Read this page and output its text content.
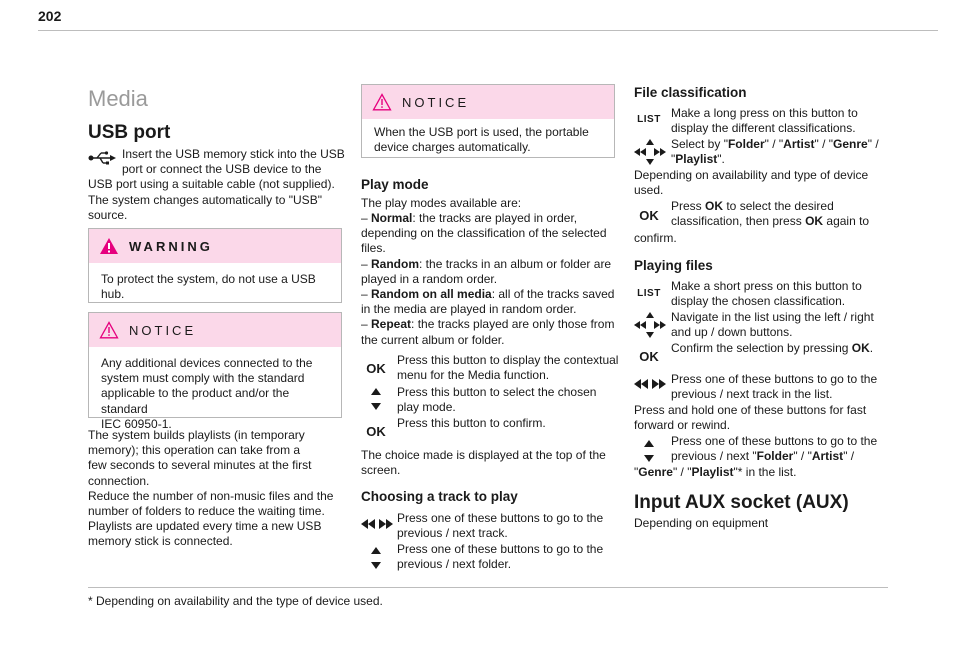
202
Media
USB port
Insert the USB memory stick into the USB
port or connect the USB device to the
USB port using a suitable cable (not supplied).
The system changes automatically to "USB"
source.
WARNING
To protect the system, do not use a USB hub.
NOTICE
Any additional devices connected to the
system must comply with the standard
applicable to the product and/or the standard
IEC 60950-1.
The system builds playlists (in temporary
memory); this operation can take from a
few seconds to several minutes at the first
connection.
Reduce the number of non-music files and the
number of folders to reduce the waiting time.
Playlists are updated every time a new USB
memory stick is connected.
NOTICE
When the USB port is used, the portable
device charges automatically.
Play mode
The play modes available are:
– Normal: the tracks are played in order,
depending on the classification of the selected
files.
– Random: the tracks in an album or folder are
played in a random order.
– Random on all media: all of the tracks saved
in the media are played in random order.
– Repeat: the tracks played are only those from
the current album or folder.
OK
Press this button to display the contextual
menu for the Media function.
Press this button to select the chosen
play mode.
OK
Press this button to confirm.
The choice made is displayed at the top of the
screen.
Choosing a track to play
Press one of these buttons to go to the
previous / next track.
Press one of these buttons to go to the
previous / next folder.
File classification
LIST Make a long press on this button to
display the different classifications.
Select by "Folder" / "Artist" / "Genre" /
"Playlist".
Depending on availability and type of device
used.
OK
Press OK to select the desired
classification, then press OK again to
confirm.
Playing files
LIST Make a short press on this button to
display the chosen classification.
Navigate in the list using the left / right
and up / down buttons.
OK
Confirm the selection by pressing OK.
Press one of these buttons to go to the
previous / next track in the list.
Press and hold one of these buttons for fast
forward or rewind.
Press one of these buttons to go to the
previous / next "Folder" / "Artist" /
"Genre" / "Playlist"* in the list.
Input AUX socket (AUX)
Depending on equipment
* Depending on availability and the type of device used.
